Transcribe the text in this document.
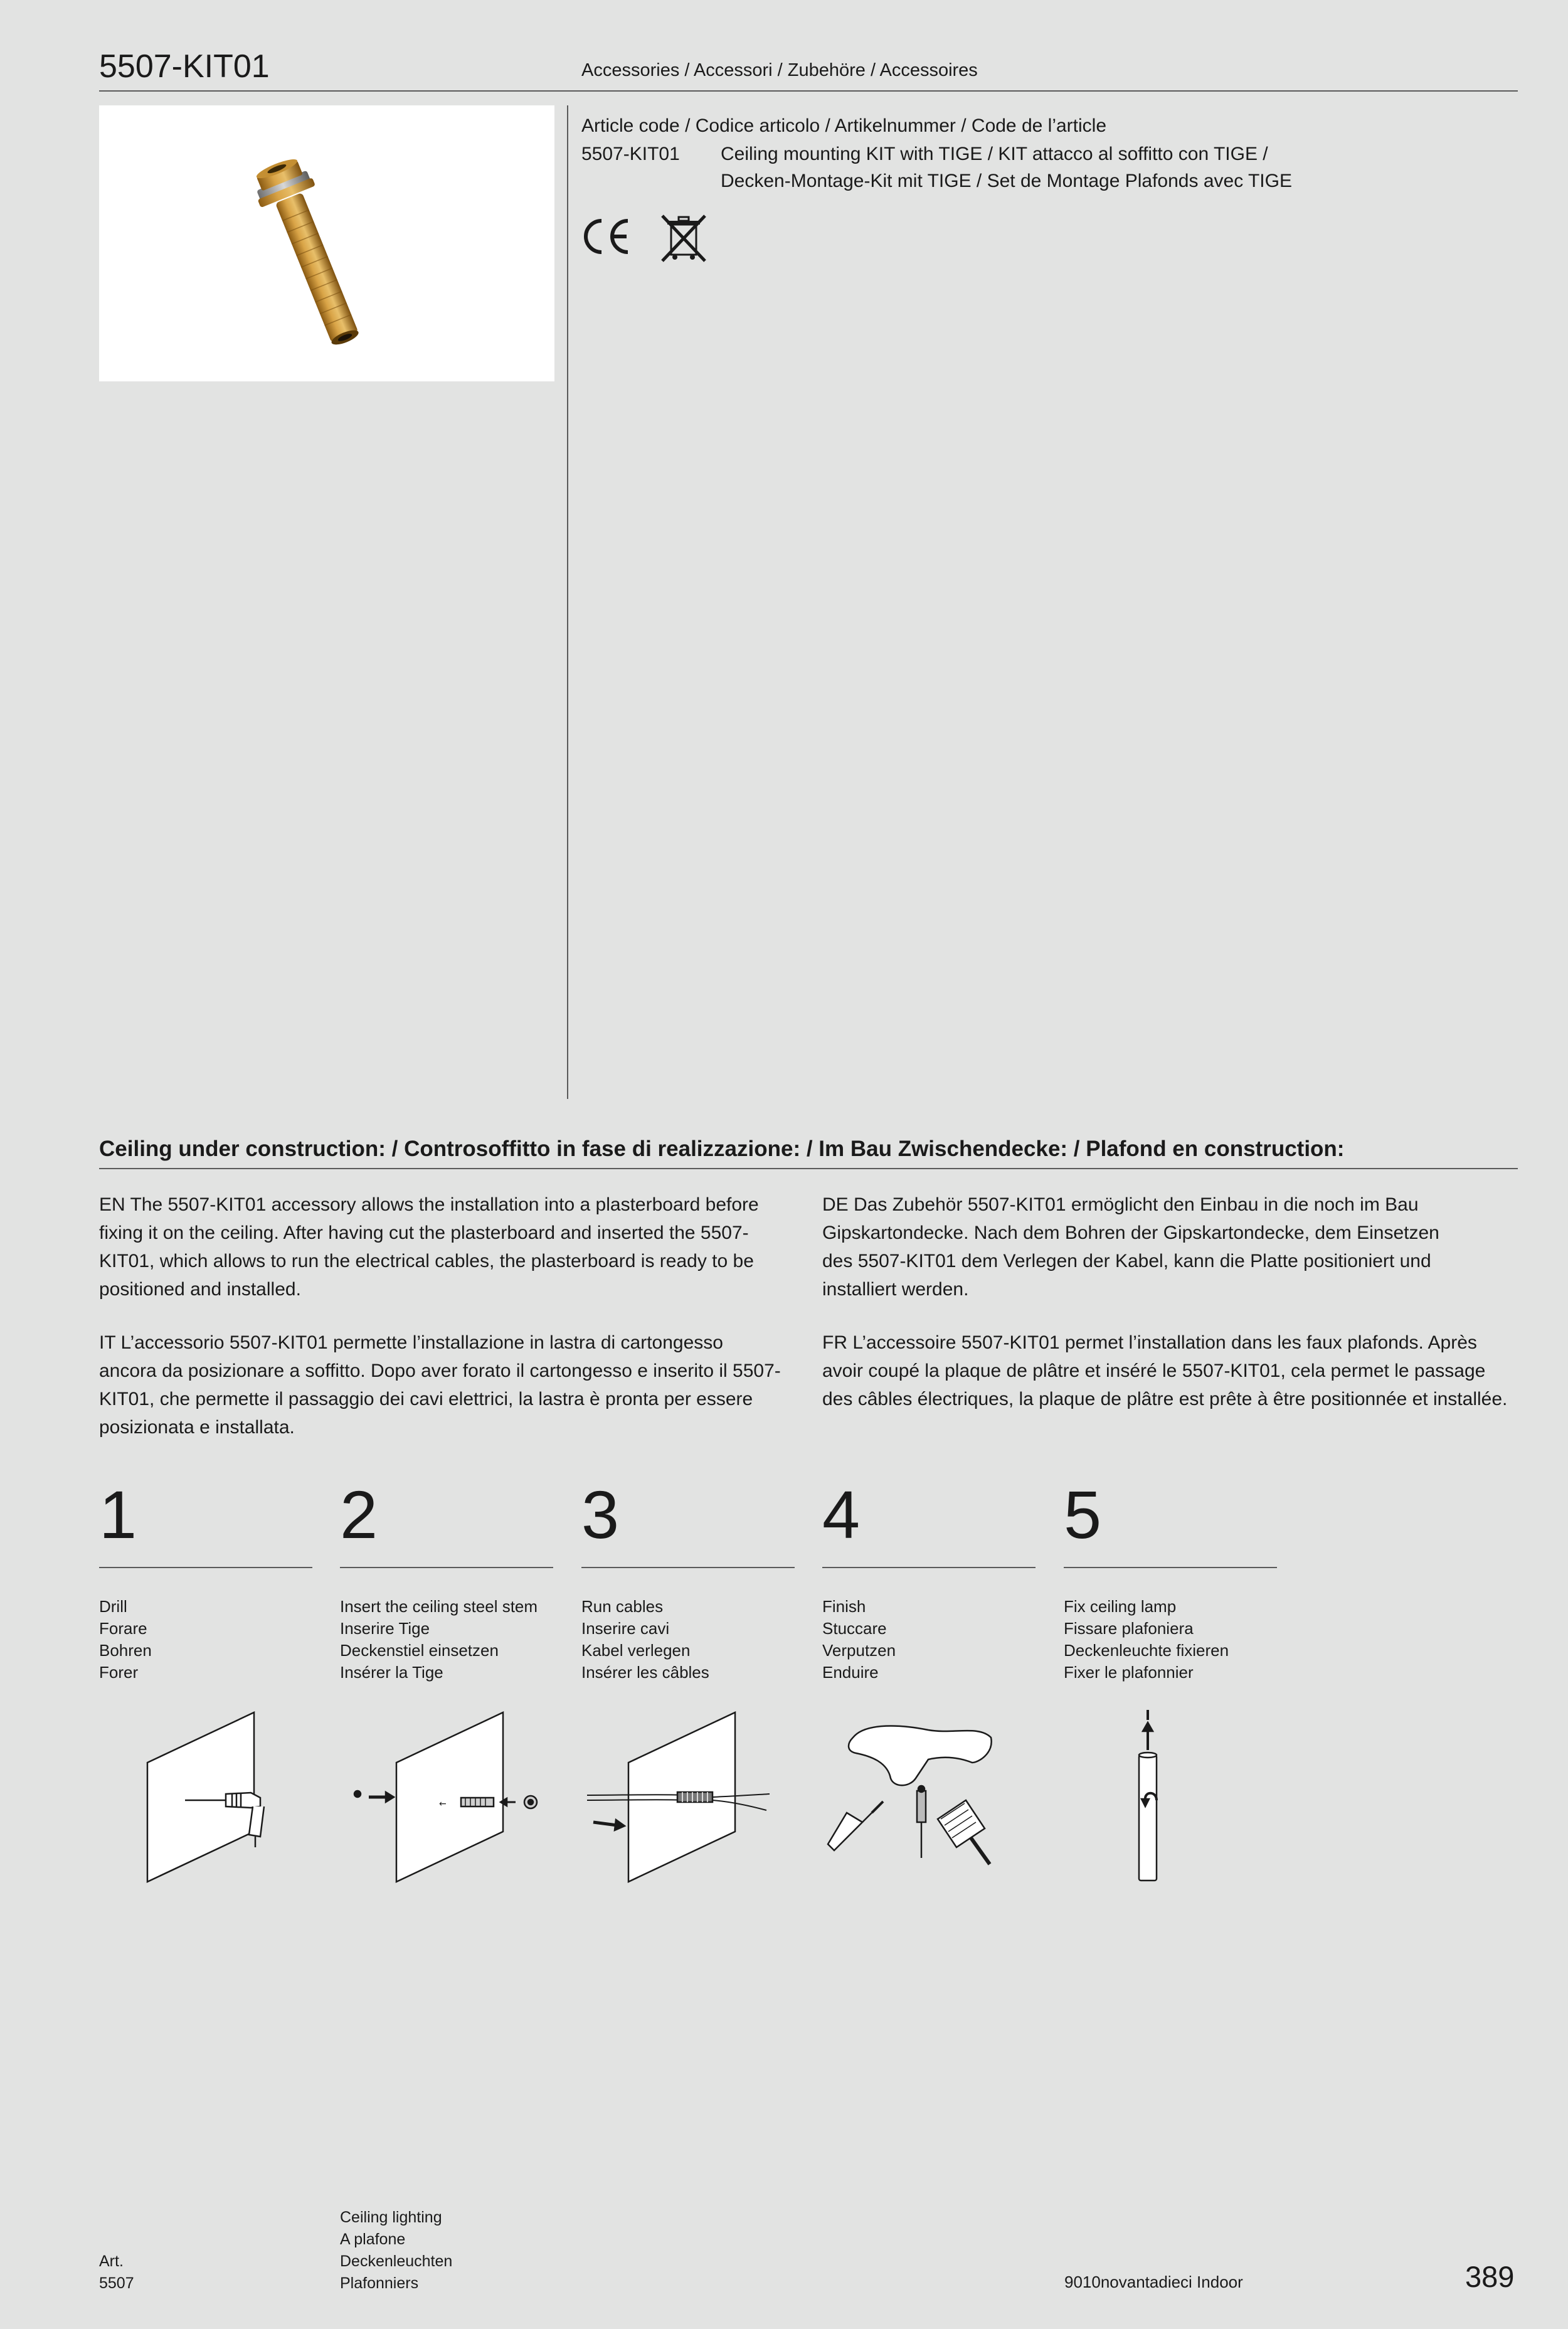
5507-KIT01	Accessories / Accessori / Zubehöre / Accessoires
Article code / Codice articolo / Artikelnummer / Code de l’article
5507-KIT01 Ceiling mounting KIT with TIGE / KIT attacco al soffitto con TIGE /
Decken-Montage-Kit mit TIGE / Set de Montage Plafonds avec TIGE
Ceiling under construction: / Controsoffitto in fase di realizzazione: / Im Bau Zwischendecke: / Plafond en construction:

EN The 5507-KIT01 accessory allows the installation into a plasterboard before

fixing it on the ceiling. After having cut the plasterboard and inserted the 5507-

KIT01, which allows to run the electrical cables, the plasterboard is ready to be

positioned and installed.

IT L’accessorio 5507-KIT01 permette l’installazione in lastra di cartongesso

ancora da posizionare a soffitto. Dopo aver forato il cartongesso e inserito il 5507-

KIT01, che permette il passaggio dei cavi elettrici, la lastra è pronta per essere

posizionata e installata.

DE Das Zubehör 5507-KIT01 ermöglicht den Einbau in die noch im Bau

Gipskartondecke. Nach dem Bohren der Gipskartondecke, dem Einsetzen

des 5507-KIT01 dem Verlegen der Kabel, kann die Platte positioniert und

installiert werden.

FR L’accessoire 5507-KIT01 permet l’installation dans les faux plafonds. Après

avoir coupé la plaque de plâtre et inséré le 5507-KIT01, cela permet le passage

des câbles électriques, la plaque de plâtre est prête à être positionnée et installée.

1
Drill
Forare
Bohren
Forer
2
Insert the ceiling steel stem
Inserire Tige
Deckenstiel einsetzen
Insérer la Tige
3
Run cables
Inserire cavi
Kabel verlegen
Insérer les câbles
4
Finish
Stuccare
Verputzen
Enduire
5
Fix ceiling lamp
Fissare plafoniera
Deckenleuchte fixieren
Fixer le plafonnier
←
Art.
5507
Ceiling lighting
A plafone
Deckenleuchten
Plafonniers	9010novantadieci Indoor	389
